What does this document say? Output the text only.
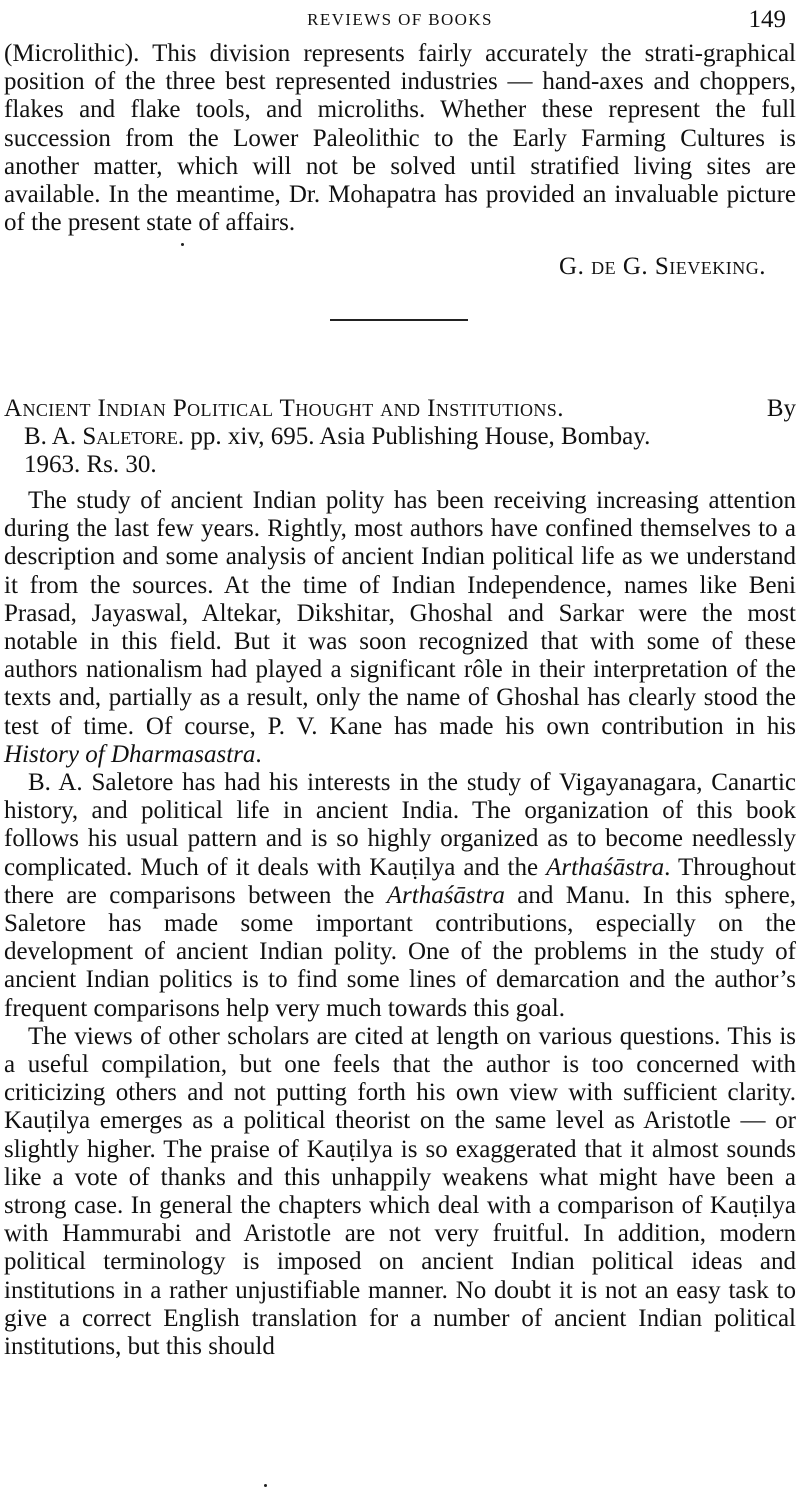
REVIEWS OF BOOKS	149
(Microlithic). This division represents fairly accurately the strati-graphical position of the three best represented industries — hand-axes and choppers, flakes and flake tools, and microliths. Whether these represent the full succession from the Lower Paleolithic to the Early Farming Cultures is another matter, which will not be solved until stratified living sites are available. In the meantime, Dr. Mohapatra has provided an invaluable picture of the present state of affairs.
G. de G. Sieveking.
Ancient Indian Political Thought and Institutions.	By
B. A. Saletore. pp. xiv, 695. Asia Publishing House, Bombay.
1963. Rs. 30.

The study of ancient Indian polity has been receiving increasing attention during the last few years. Rightly, most authors have confined themselves to a description and some analysis of ancient Indian political life as we understand it from the sources. At the time of Indian Independence, names like Beni Prasad, Jayaswal, Altekar, Dikshitar, Ghoshal and Sarkar were the most notable in this field. But it was soon recognized that with some of these authors nationalism had played a significant rôle in their interpretation of the texts and, partially as a result, only the name of Ghoshal has clearly stood the test of time. Of course, P. V. Kane has made his own contribution in his History of Dharmasastra.

B. A. Saletore has had his interests in the study of Vigayanagara, Canartic history, and political life in ancient India. The organization of this book follows his usual pattern and is so highly organized as to become needlessly complicated. Much of it deals with Kauṭilya and the Arthaśāstra. Throughout there are comparisons between the Arthaśāstra and Manu. In this sphere, Saletore has made some important contributions, especially on the development of ancient Indian polity. One of the problems in the study of ancient Indian politics is to find some lines of demarcation and the author’s frequent comparisons help very much towards this goal.

The views of other scholars are cited at length on various questions. This is a useful compilation, but one feels that the author is too concerned with criticizing others and not putting forth his own view with sufficient clarity. Kauṭilya emerges as a political theorist on the same level as Aristotle — or slightly higher. The praise of Kauṭilya is so exaggerated that it almost sounds like a vote of thanks and this unhappily weakens what might have been a strong case. In general the chapters which deal with a comparison of Kauṭilya with Hammurabi and Aristotle are not very fruitful. In addition, modern political terminology is imposed on ancient Indian political ideas and institutions in a rather unjustifiable manner. No doubt it is not an easy task to give a correct English translation for a number of ancient Indian political institutions, but this should
